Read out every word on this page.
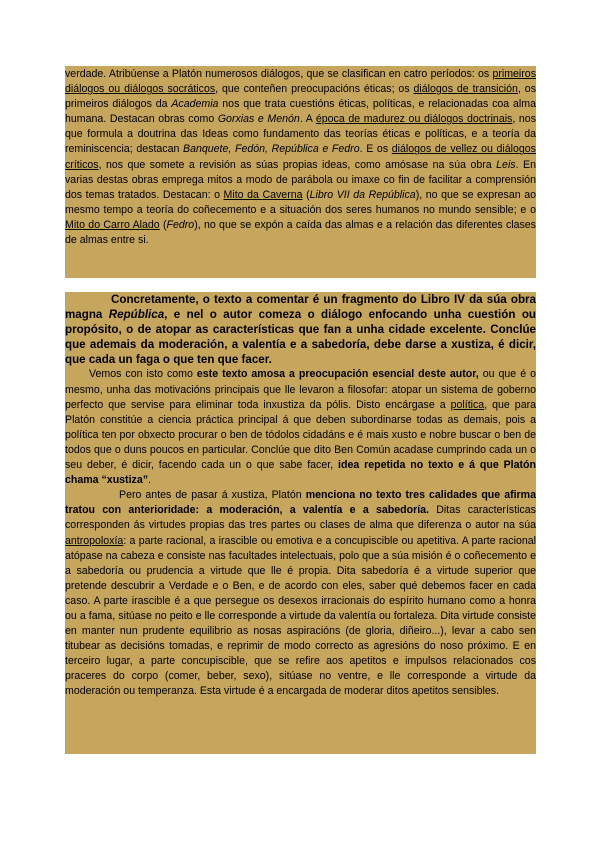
verdade. Atribúense a Platón numerosos diálogos, que se clasifican en catro períodos: os primeiros diálogos ou diálogos socráticos, que conteñen preocupacións éticas; os diálogos de transición, os primeiros diálogos da Academia nos que trata cuestións éticas, políticas, e relacionadas coa alma humana. Destacan obras como Gorxias e Menón. A época de madurez ou diálogos doctrinais, nos que formula a doutrina das Ideas como fundamento das teorías éticas e políticas, e a teoría da reminiscencia; destacan Banquete, Fedón, República e Fedro. E os diálogos de vellez ou diálogos críticos, nos que somete a revisión as súas propias ideas, como amósase na súa obra Leis. En varias destas obras emprega mitos a modo de parábola ou imaxe co fin de facilitar a comprensión dos temas tratados. Destacan: o Mito da Caverna (Libro VII da República), no que se expresan ao mesmo tempo a teoría do coñecemento e a situación dos seres humanos no mundo sensible; e o Mito do Carro Alado (Fedro), no que se expón a caída das almas e a relación das diferentes clases de almas entre si.

Concretamente, o texto a comentar é un fragmento do Libro IV da súa obra magna República, e nel o autor comeza o diálogo enfocando unha cuestión ou propósito, o de atopar as características que fan a unha cidade excelente. Conclúe que ademais da moderación, a valentía e a sabedoría, debe darse a xustiza, é dicir, que cada un faga o que ten que facer.

Vemos con isto como este texto amosa a preocupación esencial deste autor, ou que é o mesmo, unha das motivacións principais que lle levaron a filosofar: atopar un sistema de goberno perfecto que servise para eliminar toda inxustiza da pólis. Disto encárgase a política, que para Platón constitúe a ciencia práctica principal á que deben subordinarse todas as demais, pois a política ten por obxecto procurar o ben de tódolos cidadáns e é mais xusto e nobre buscar o ben de todos que o duns poucos en particular. Conclúe que dito Ben Común acadase cumprindo cada un o seu deber, é dicir, facendo cada un o que sabe facer, idea repetida no texto e á que Platón chama “xustiza”.

Pero antes de pasar á xustiza, Platón menciona no texto tres calidades que afirma tratou con anterioridade: a moderación, a valentía e a sabedoría. Ditas características corresponden ás virtudes propias das tres partes ou clases de alma que diferenza o autor na súa antropoloxía: a parte racional, a irascible ou emotiva e a concupiscible ou apetitiva. A parte racional atópase na cabeza e consiste nas facultades intelectuais, polo que a súa misión é o coñecemento e a sabedoría ou prudencia a virtude que lle é propia. Dita sabedoría é a virtude superior que pretende descubrir a Verdade e o Ben, e de acordo con eles, saber qué debemos facer en cada caso. A parte irascible é a que persegue os desexos irracionais do espírito humano como a honra ou a fama, sitúase no peito e lle corresponde a virtude da valentía ou fortaleza. Dita virtude consiste en manter nun prudente equilibrio as nosas aspiracións (de gloria, diñeiro...), levar a cabo sen titubear as decisións tomadas, e reprimir de modo correcto as agresións do noso próximo. E en terceiro lugar, a parte concupiscible, que se refire aos apetitos e impulsos relacionados cos praceres do corpo (comer, beber, sexo), sitúase no ventre, e lle corresponde a virtude da moderación ou temperanza. Esta virtude é a encargada de moderar ditos apetitos sensibles.
